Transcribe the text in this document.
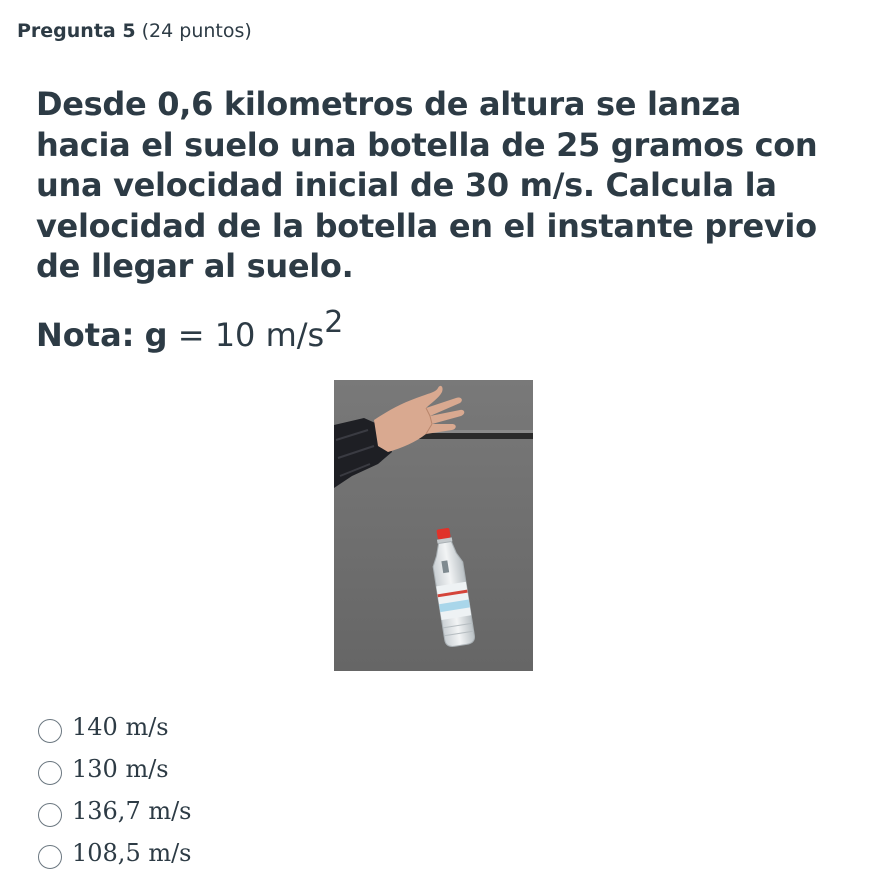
Pregunta 5 (24 puntos)
Desde 0,6 kilometros de altura se lanza hacia el suelo una botella de 25 gramos con una velocidad inicial de 30 m/s. Calcula la velocidad de la botella en el instante previo de llegar al suelo.
Nota: g = 10 $m/s^2$
140 m/s
130 m/s
136,7 m/s
108,5 m/s
